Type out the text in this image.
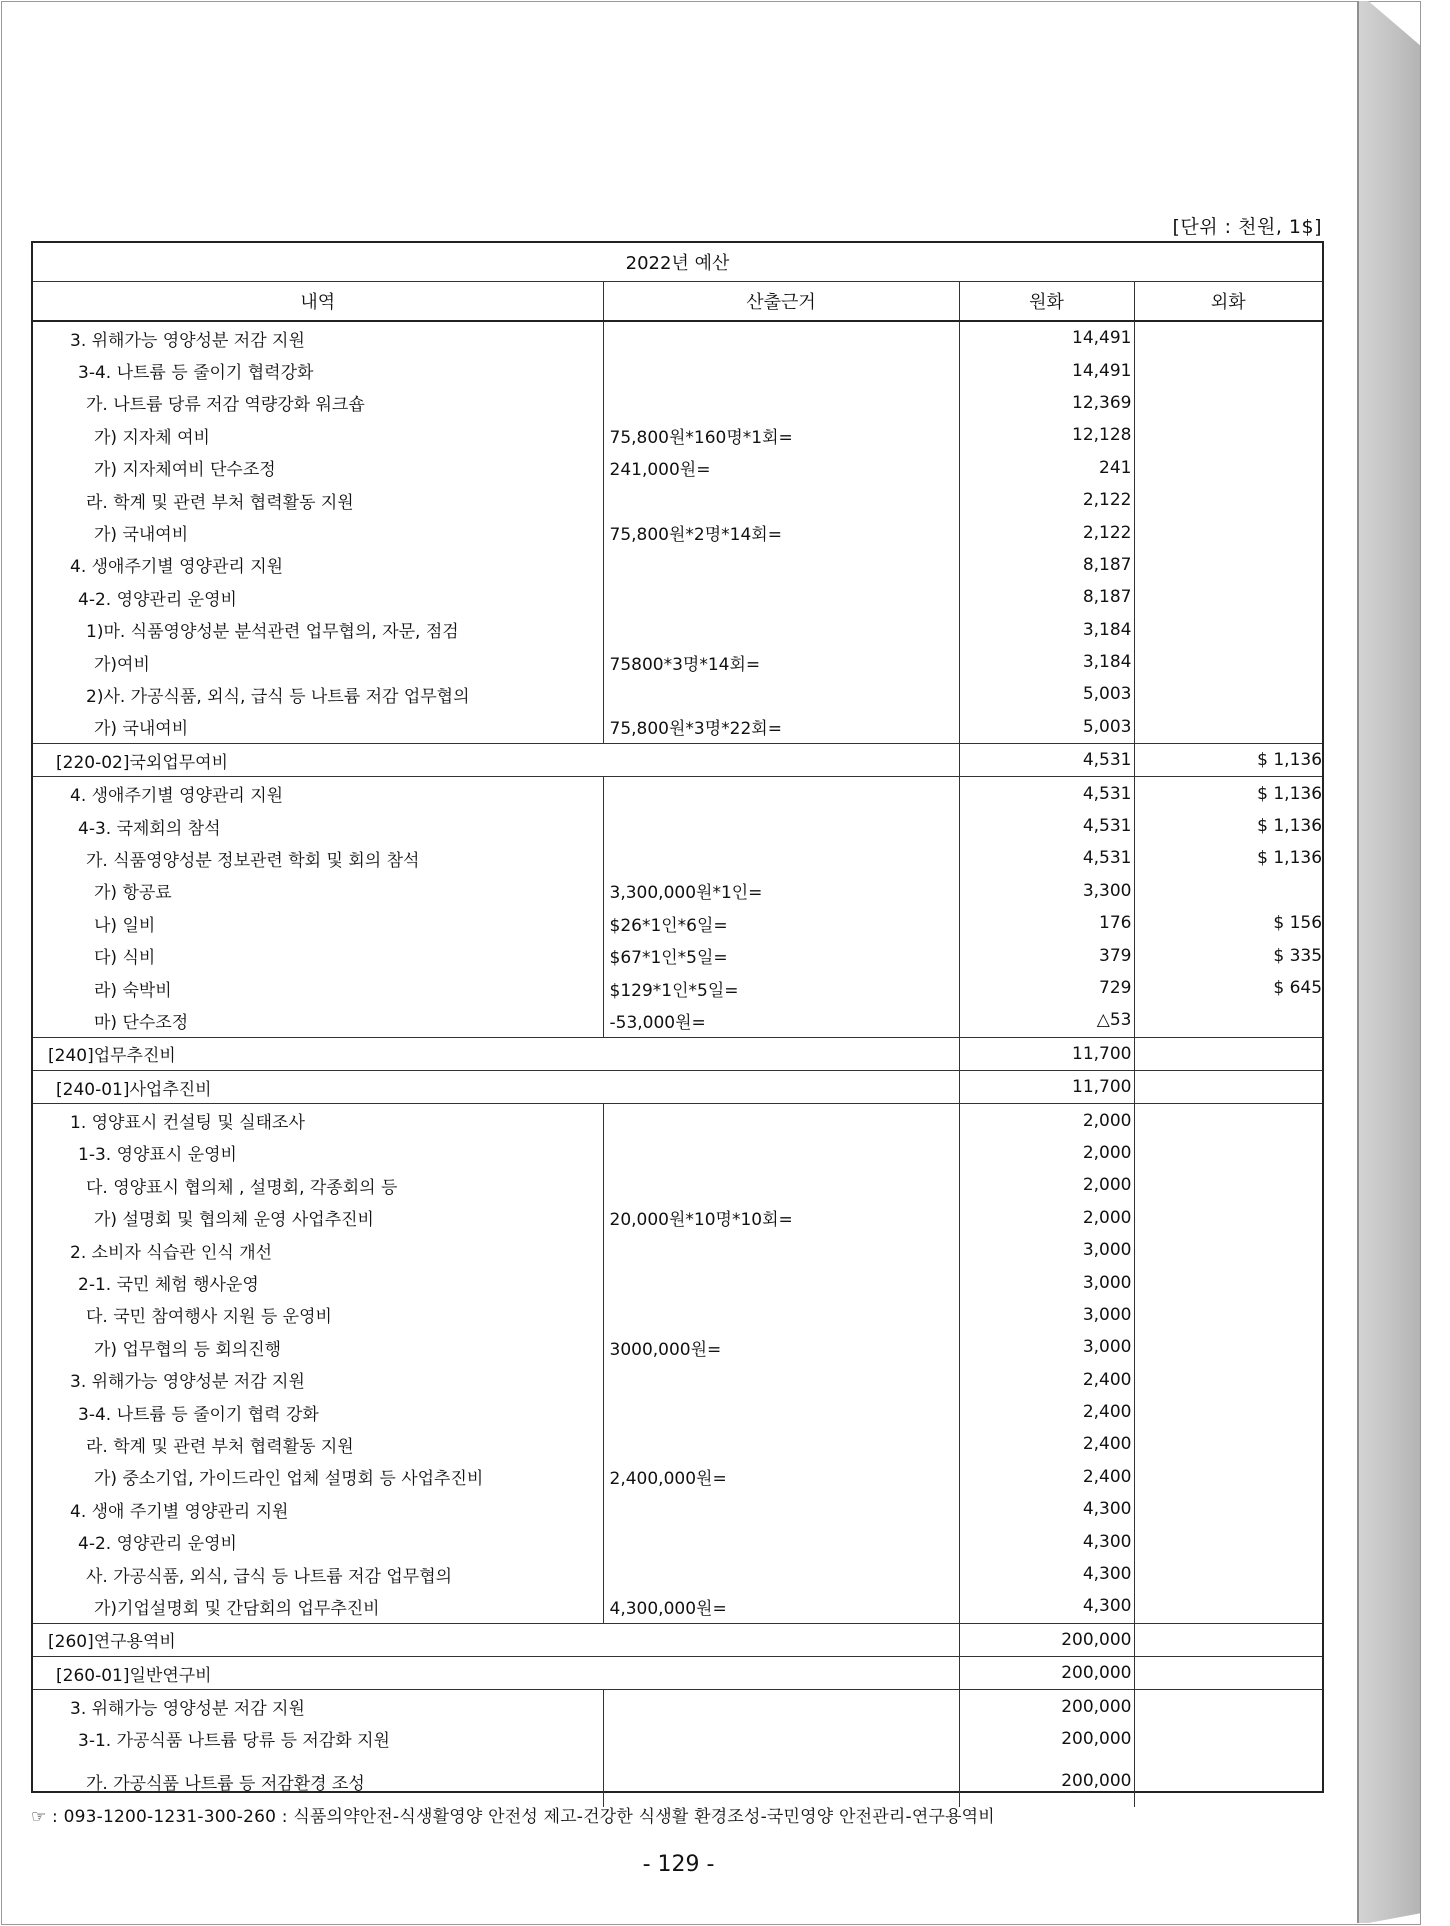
[단위 : 천원, 1$]
2022년 예산			
내역	산출근거	원화	외화
3. 위해가능 영양성분 저감 지원		14,491	
3-4. 나트륨 등 줄이기 협력강화		14,491	
가. 나트륨 당류 저감 역량강화 워크숍		12,369	
가) 지자체 여비	75,800원*160명*1회=	12,128	
가) 지자체여비 단수조정	241,000원=	241	
라. 학계 및 관련 부처 협력활동 지원		2,122	
가) 국내여비	75,800원*2명*14회=	2,122	
4. 생애주기별 영양관리 지원		8,187	
4-2. 영양관리 운영비		8,187	
1)마. 식품영양성분 분석관련 업무협의, 자문, 점검		3,184	
가)여비	75800*3명*14회=	3,184	
2)사. 가공식품, 외식, 급식 등 나트륨 저감 업무협의		5,003	
가) 국내여비	75,800원*3명*22회=	5,003	
[220-02]국외업무여비		4,531	$ 1,136
4. 생애주기별 영양관리 지원		4,531	$ 1,136
4-3. 국제회의 참석		4,531	$ 1,136
가. 식품영양성분 정보관련 학회 및 회의 참석		4,531	$ 1,136
가) 항공료	3,300,000원*1인=	3,300	
나) 일비	$26*1인*6일=	176	$ 156
다) 식비	$67*1인*5일=	379	$ 335
라) 숙박비	$129*1인*5일=	729	$ 645
마) 단수조정	-53,000원=	△53	
[240]업무추진비		11,700	
[240-01]사업추진비		11,700	
1. 영양표시 컨설팅 및 실태조사		2,000	
1-3. 영양표시 운영비		2,000	
다. 영양표시 협의체 , 설명회, 각종회의 등		2,000	
가) 설명회 및 협의체 운영 사업추진비	20,000원*10명*10회=	2,000	
2. 소비자 식습관 인식 개선		3,000	
2-1. 국민 체험 행사운영		3,000	
다. 국민 참여행사 지원 등 운영비		3,000	
가) 업무협의 등 회의진행	3000,000원=	3,000	
3. 위해가능 영양성분 저감 지원		2,400	
3-4. 나트륨 등 줄이기 협력 강화		2,400	
라. 학계 및 관련 부처 협력활동 지원		2,400	
가) 중소기업, 가이드라인 업체 설명회 등 사업추진비	2,400,000원=	2,400	
4. 생애 주기별 영양관리 지원		4,300	
4-2. 영양관리 운영비		4,300	
사. 가공식품, 외식, 급식 등 나트륨 저감 업무협의		4,300	
가)기업설명회 및 간담회의 업무추진비	4,300,000원=	4,300	
[260]연구용역비		200,000	
[260-01]일반연구비		200,000	
3. 위해가능 영양성분 저감 지원		200,000	
3-1. 가공식품 나트륨 당류 등 저감화 지원		200,000	
가. 가공식품 나트륨 등 저감환경 조성		200,000	
☞ : 093-1200-1231-300-260 : 식품의약안전-식생활영양 안전성 제고-건강한 식생활 환경조성-국민영양 안전관리-연구용역비
- 129 -
